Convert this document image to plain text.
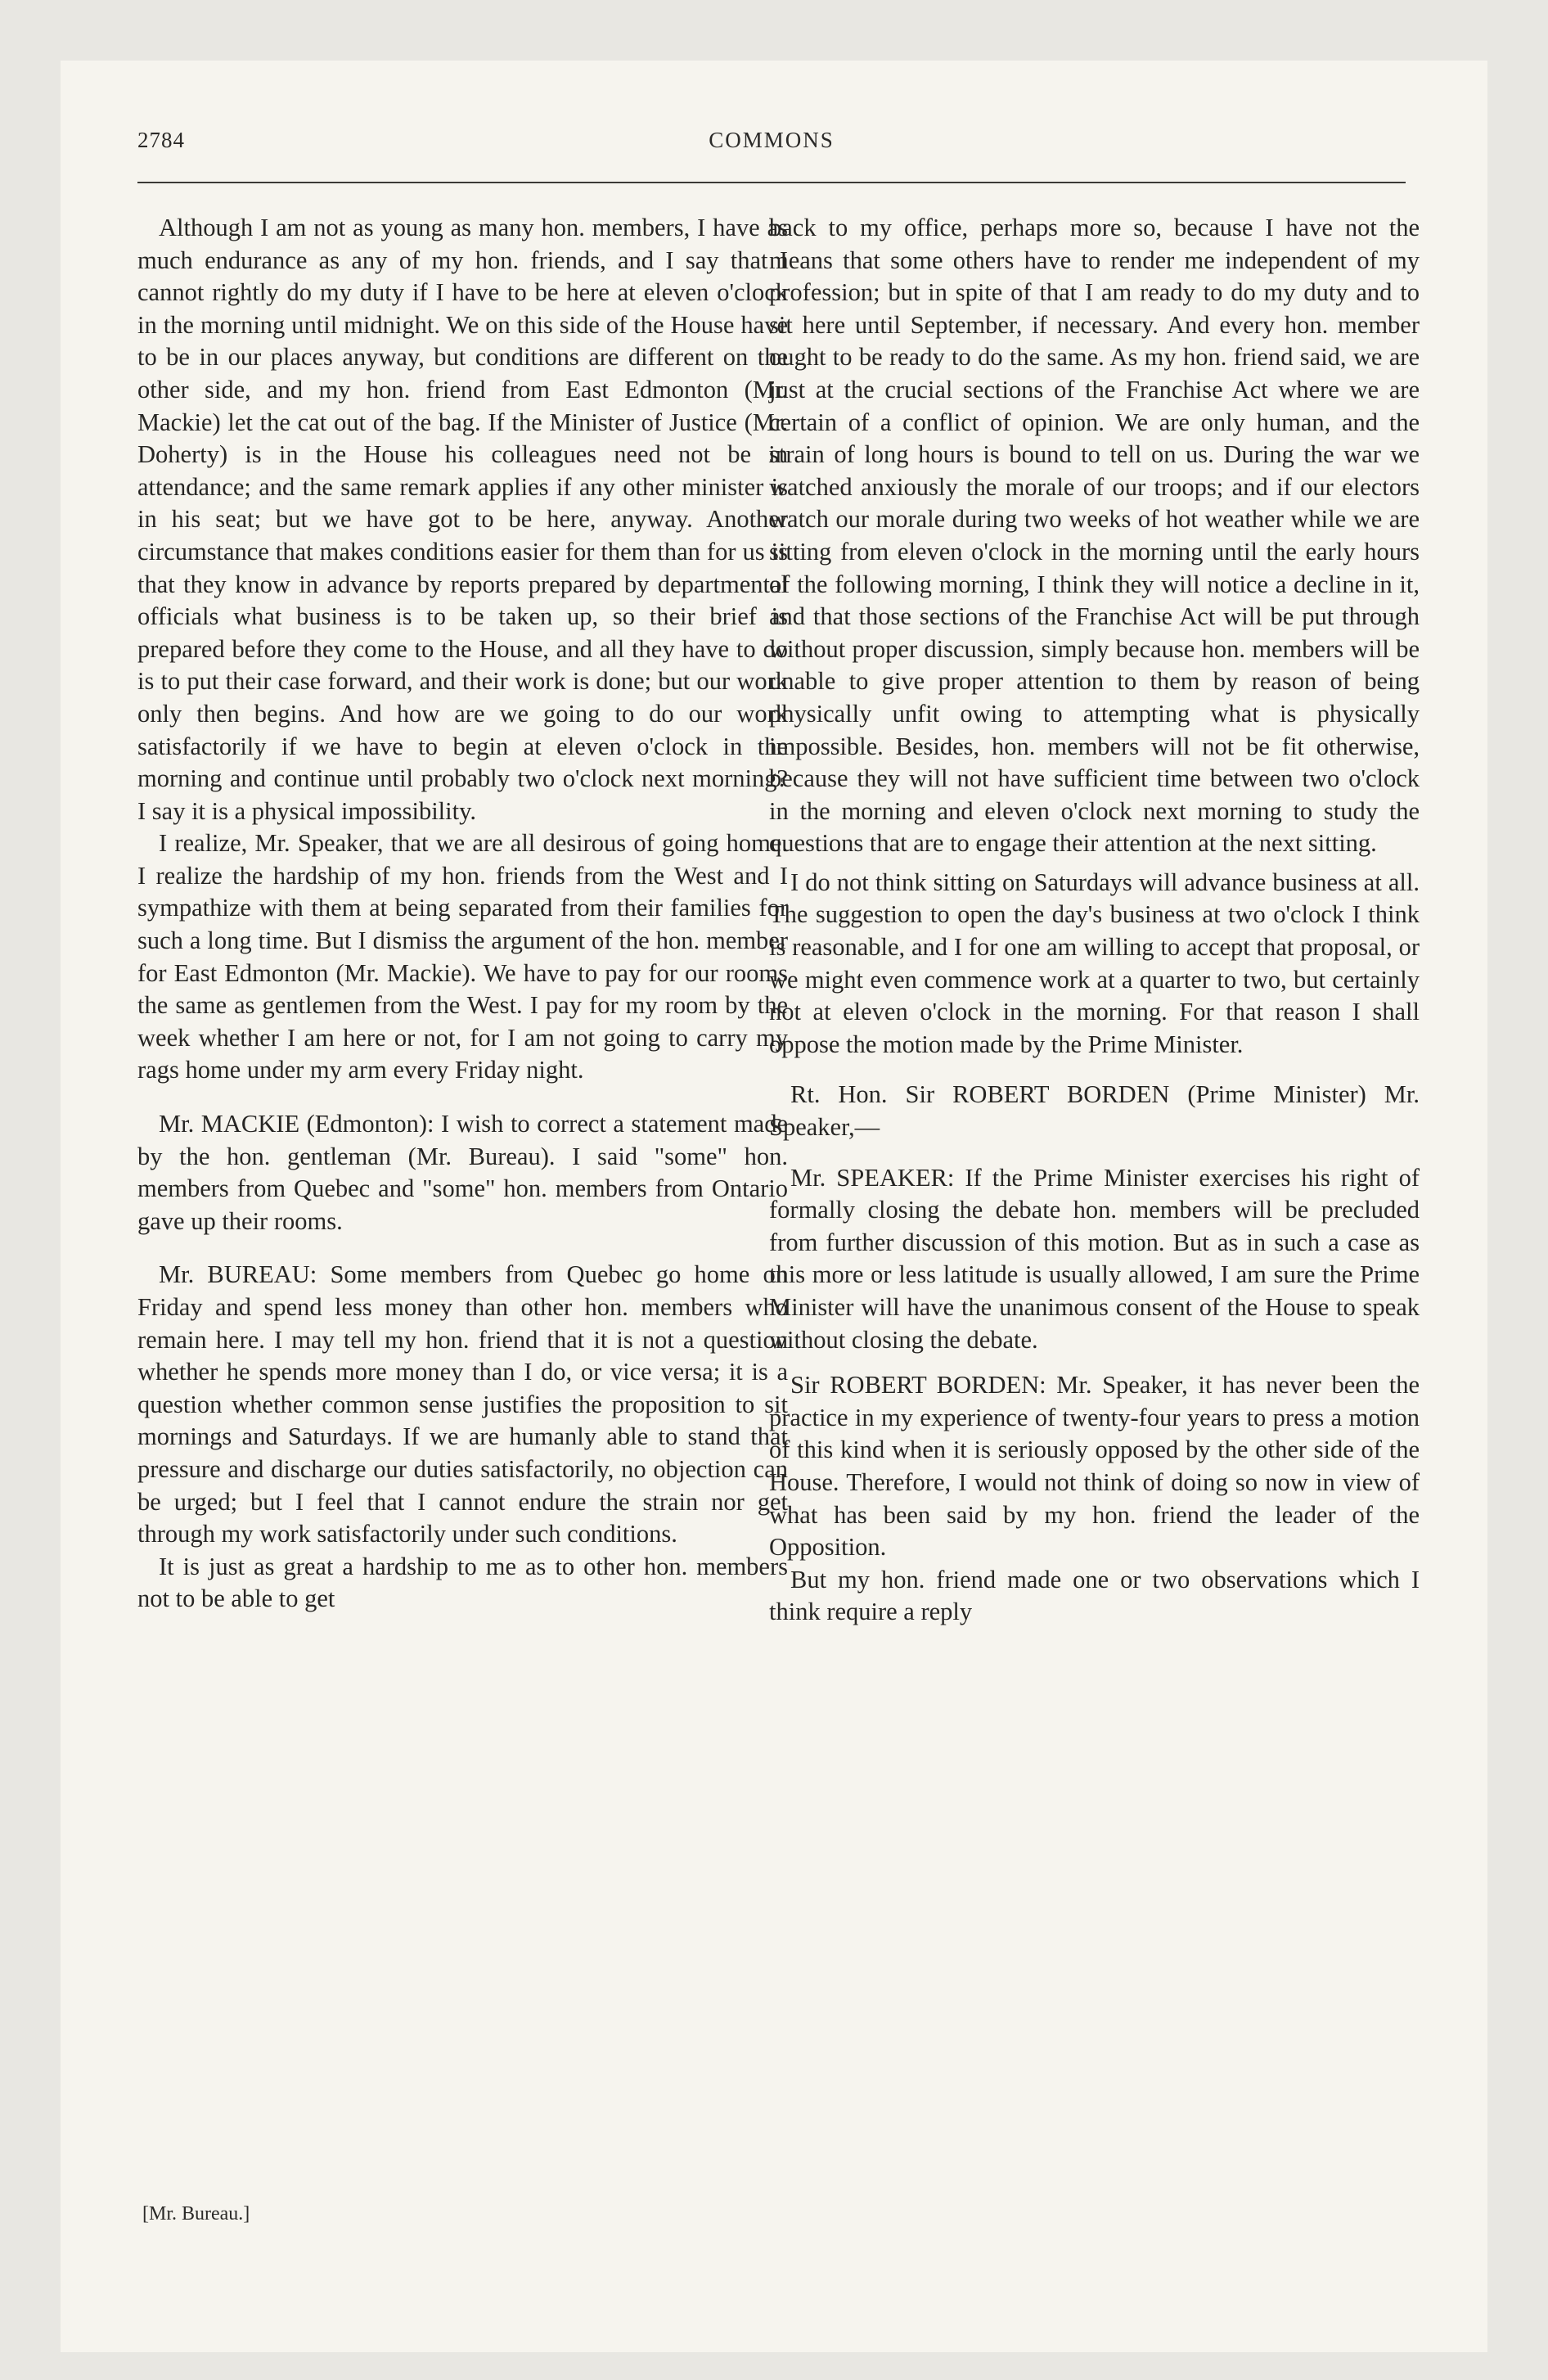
2784	COMMONS

Although I am not as young as many hon. members, I have as much endurance as any of my hon. friends, and I say that I cannot rightly do my duty if I have to be here at eleven o'clock in the morning until midnight. We on this side of the House have to be in our places anyway, but conditions are different on the other side, and my hon. friend from East Edmonton (Mr. Mackie) let the cat out of the bag. If the Minister of Justice (Mr. Doherty) is in the House his colleagues need not be in attendance; and the same remark applies if any other minister is in his seat; but we have got to be here, anyway. Another circumstance that makes conditions easier for them than for us is that they know in advance by reports prepared by departmental officials what business is to be taken up, so their brief is prepared before they come to the House, and all they have to do is to put their case forward, and their work is done; but our work only then begins. And how are we going to do our work satisfactorily if we have to begin at eleven o'clock in the morning and continue until probably two o'clock next morning? I say it is a physical impossibility.

I realize, Mr. Speaker, that we are all desirous of going home. I realize the hardship of my hon. friends from the West and I sympathize with them at being separated from their families for such a long time. But I dismiss the argument of the hon. member for East Edmonton (Mr. Mackie). We have to pay for our rooms the same as gentlemen from the West. I pay for my room by the week whether I am here or not, for I am not going to carry my rags home under my arm every Friday night.

Mr. MACKIE (Edmonton): I wish to correct a statement made by the hon. gentleman (Mr. Bureau). I said "some" hon. members from Quebec and "some" hon. members from Ontario gave up their rooms.

Mr. BUREAU: Some members from Quebec go home on Friday and spend less money than other hon. members who remain here. I may tell my hon. friend that it is not a question whether he spends more money than I do, or vice versa; it is a question whether common sense justifies the proposition to sit mornings and Saturdays. If we are humanly able to stand that pressure and discharge our duties satisfactorily, no objection can be urged; but I feel that I cannot endure the strain nor get through my work satisfactorily under such conditions.

It is just as great a hardship to me as to other hon. members not to be able to get

back to my office, perhaps more so, because I have not the means that some others have to render me independent of my profession; but in spite of that I am ready to do my duty and to sit here until September, if necessary. And every hon. member ought to be ready to do the same. As my hon. friend said, we are just at the crucial sections of the Franchise Act where we are certain of a conflict of opinion. We are only human, and the strain of long hours is bound to tell on us. During the war we watched anxiously the morale of our troops; and if our electors watch our morale during two weeks of hot weather while we are sitting from eleven o'clock in the morning until the early hours of the following morning, I think they will notice a decline in it, and that those sections of the Franchise Act will be put through without proper discussion, simply because hon. members will be unable to give proper attention to them by reason of being physically unfit owing to attempting what is physically impossible. Besides, hon. members will not be fit otherwise, because they will not have sufficient time between two o'clock in the morning and eleven o'clock next morning to study the questions that are to engage their attention at the next sitting.

I do not think sitting on Saturdays will advance business at all. The suggestion to open the day's business at two o'clock I think is reasonable, and I for one am willing to accept that proposal, or we might even commence work at a quarter to two, but certainly not at eleven o'clock in the morning. For that reason I shall oppose the motion made by the Prime Minister.

Rt. Hon. Sir ROBERT BORDEN (Prime Minister) Mr. Speaker,—

Mr. SPEAKER: If the Prime Minister exercises his right of formally closing the debate hon. members will be precluded from further discussion of this motion. But as in such a case as this more or less latitude is usually allowed, I am sure the Prime Minister will have the unanimous consent of the House to speak without closing the debate.

Sir ROBERT BORDEN: Mr. Speaker, it has never been the practice in my experience of twenty-four years to press a motion of this kind when it is seriously opposed by the other side of the House. Therefore, I would not think of doing so now in view of what has been said by my hon. friend the leader of the Opposition.

But my hon. friend made one or two observations which I think require a reply

[Mr. Bureau.]
